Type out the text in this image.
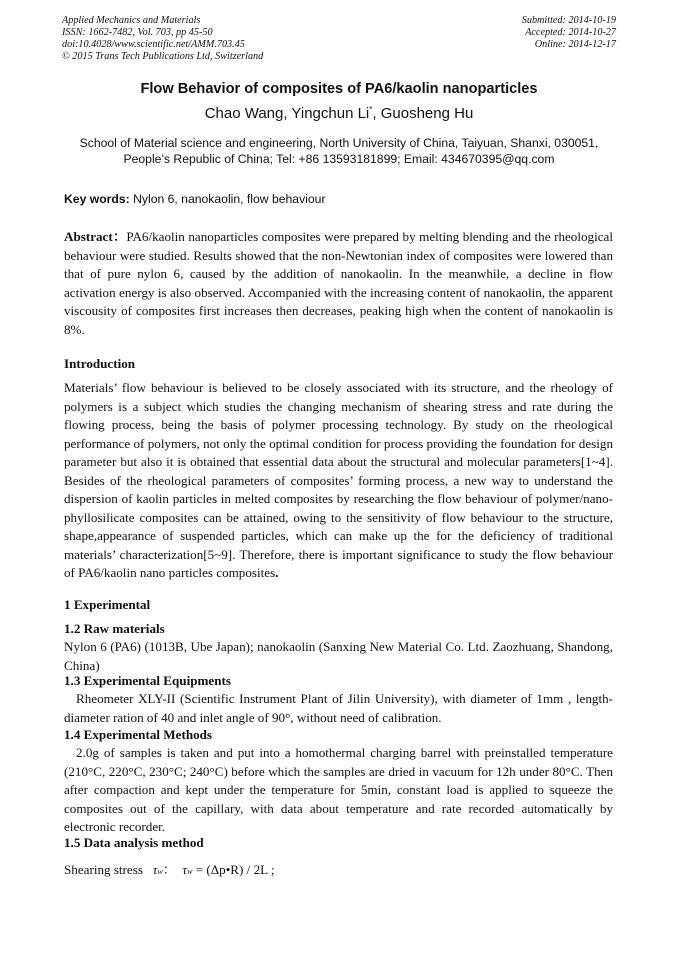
Applied Mechanics and Materials
ISSN: 1662-7482, Vol. 703, pp 45-50
doi:10.4028/www.scientific.net/AMM.703.45
© 2015 Trans Tech Publications Ltd, Switzerland
Submitted: 2014-10-19
Accepted: 2014-10-27
Online: 2014-12-17
Flow Behavior of composites of PA6/kaolin nanoparticles
Chao Wang, Yingchun Li*, Guosheng Hu
School of Material science and engineering, North University of China, Taiyuan, Shanxi, 030051,
People’s Republic of China; Tel: +86 13593181899; Email: 434670395@qq.com
Key words: Nylon 6, nanokaolin, flow behaviour
Abstract：PA6/kaolin nanoparticles composites were prepared by melting blending and the rheological behaviour were studied. Results showed that the non-Newtonian index of composites were lowered than that of pure nylon 6, caused by the addition of nanokaolin. In the meanwhile, a decline in flow activation energy is also observed. Accompanied with the increasing content of nanokaolin, the apparent viscousity of composites first increases then decreases, peaking high when the content of nanokaolin is 8%.
Introduction
Materials’ flow behaviour is believed to be closely associated with its structure, and the rheology of polymers is a subject which studies the changing mechanism of shearing stress and rate during the flowing process, being the basis of polymer processing technology. By study on the rheological performance of polymers, not only the optimal condition for process providing the foundation for design parameter but also it is obtained that essential data about the structural and molecular parameters[1~4]. Besides of the rheological parameters of composites’ forming process, a new way to understand the dispersion of kaolin particles in melted composites by researching the flow behaviour of polymer/nano-phyllosilicate composites can be attained, owing to the sensitivity of flow behaviour to the structure, shape,appearance of suspended particles, which can make up the for the deficiency of traditional materials’ characterization[5~9]. Therefore, there is important significance to study the flow behaviour of PA6/kaolin nano particles composites.
1 Experimental
1.2 Raw materials
Nylon 6 (PA6) (1013B, Ube Japan); nanokaolin (Sanxing New Material Co. Ltd. Zaozhuang, Shandong, China)
1.3 Experimental Equipments
Rheometer XLY-II (Scientific Instrument Plant of Jilin University), with diameter of 1mm , length-diameter ration of 40 and inlet angle of 90°, without need of calibration.
1.4 Experimental Methods
2.0g of samples is taken and put into a homothermal charging barrel with preinstalled temperature (210°C, 220°C, 230°C; 240°C) before which the samples are dried in vacuum for 12h under 80°C. Then after compaction and kept under the temperature for 5min, constant load is applied to squeeze the composites out of the capillary, with data about temperature and rate recorded automatically by electronic recorder.
1.5 Data analysis method
Shearing stress τw： τw = (Δp•R) / 2L ;
